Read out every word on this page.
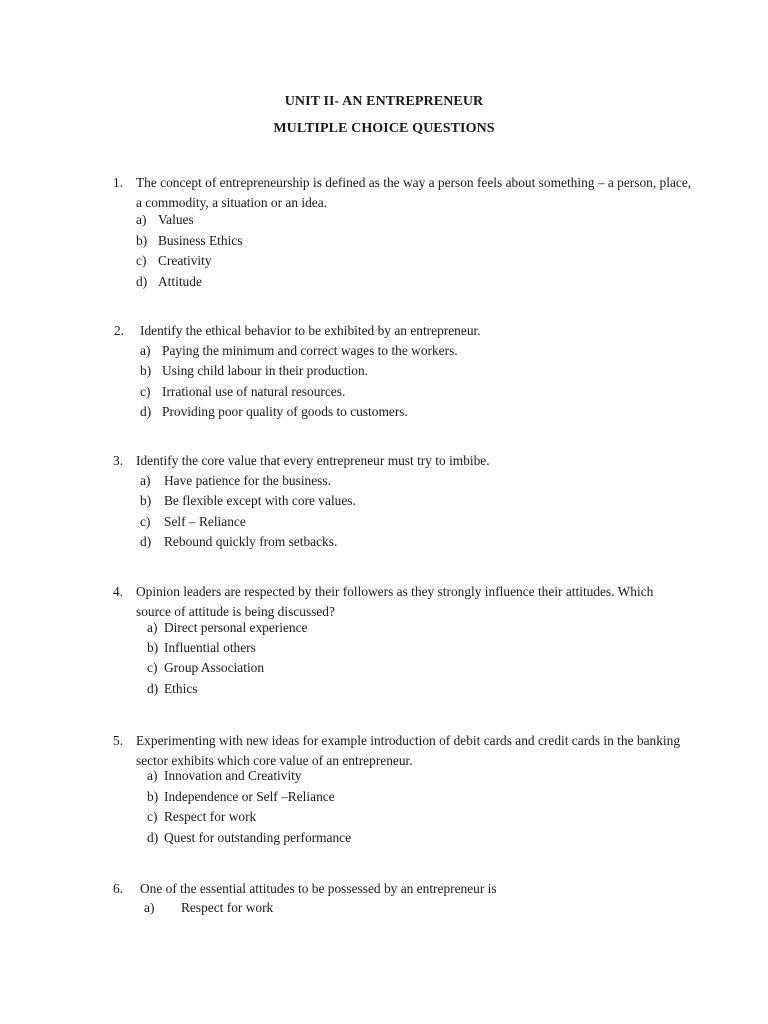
UNIT II- AN ENTREPRENEUR
MULTIPLE CHOICE QUESTIONS
1. The concept of entrepreneurship is defined as the way a person feels about something – a person, place, a commodity, a situation or an idea.
a) Values
b) Business Ethics
c) Creativity
d) Attitude
2. Identify the ethical behavior to be exhibited by an entrepreneur.
a) Paying the minimum and correct wages to the workers.
b) Using child labour in their production.
c) Irrational use of natural resources.
d) Providing poor quality of goods to customers.
3. Identify the core value that every entrepreneur must try to imbibe.
a) Have patience for the business.
b) Be flexible except with core values.
c) Self – Reliance
d) Rebound quickly from setbacks.
4. Opinion leaders are respected by their followers as they strongly influence their attitudes. Which source of attitude is being discussed?
a) Direct personal experience
b) Influential others
c) Group Association
d) Ethics
5. Experimenting with new ideas for example introduction of debit cards and credit cards in the banking sector exhibits which core value of an entrepreneur.
a) Innovation and Creativity
b) Independence or Self –Reliance
c) Respect for work
d) Quest for outstanding performance
6. One of the essential attitudes to be possessed by an entrepreneur is
a) Respect for work
